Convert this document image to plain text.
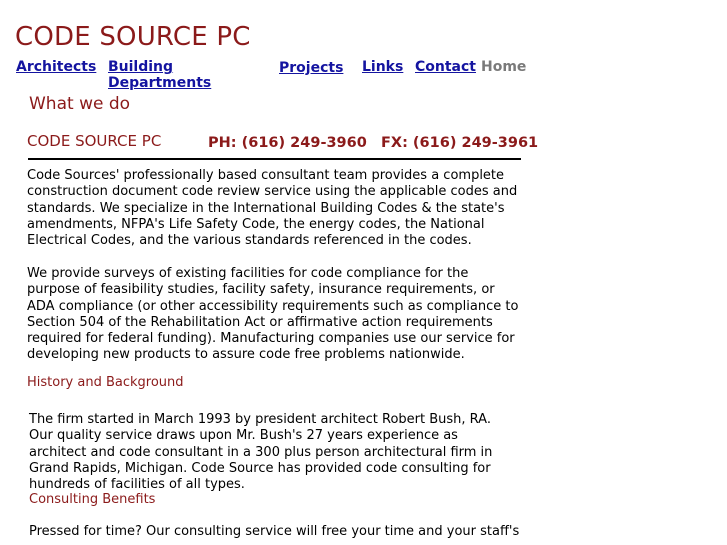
CODE SOURCE PC
Architects Building
Departments
Projects Links Contact Home
What we do
CODE SOURCE PC	PH: (616) 249-3960 FX: (616) 249-3961

Code Sources' professionally based consultant team provides a complete construction document code review service using the applicable codes and standards. We specialize in the International Building Codes & the state's amendments, NFPA's Life Safety Code, the energy codes, the National Electrical Codes, and the various standards referenced in the codes.

We provide surveys of existing facilities for code compliance for the purpose of feasibility studies, facility safety, insurance requirements, or ADA compliance (or other accessibility requirements such as compliance to Section 504 of the Rehabilitation Act or affirmative action requirements required for federal funding). Manufacturing companies use our service for developing new products to assure code free problems nationwide.

History and Background

The firm started in March 1993 by president architect Robert Bush, RA. Our quality service draws upon Mr. Bush's 27 years experience as architect and code consultant in a 300 plus person architectural firm in Grand Rapids, Michigan. Code Source has provided code consulting for hundreds of facilities of all types.

Consulting Benefits

Pressed for time? Our consulting service will free your time and your staff's
